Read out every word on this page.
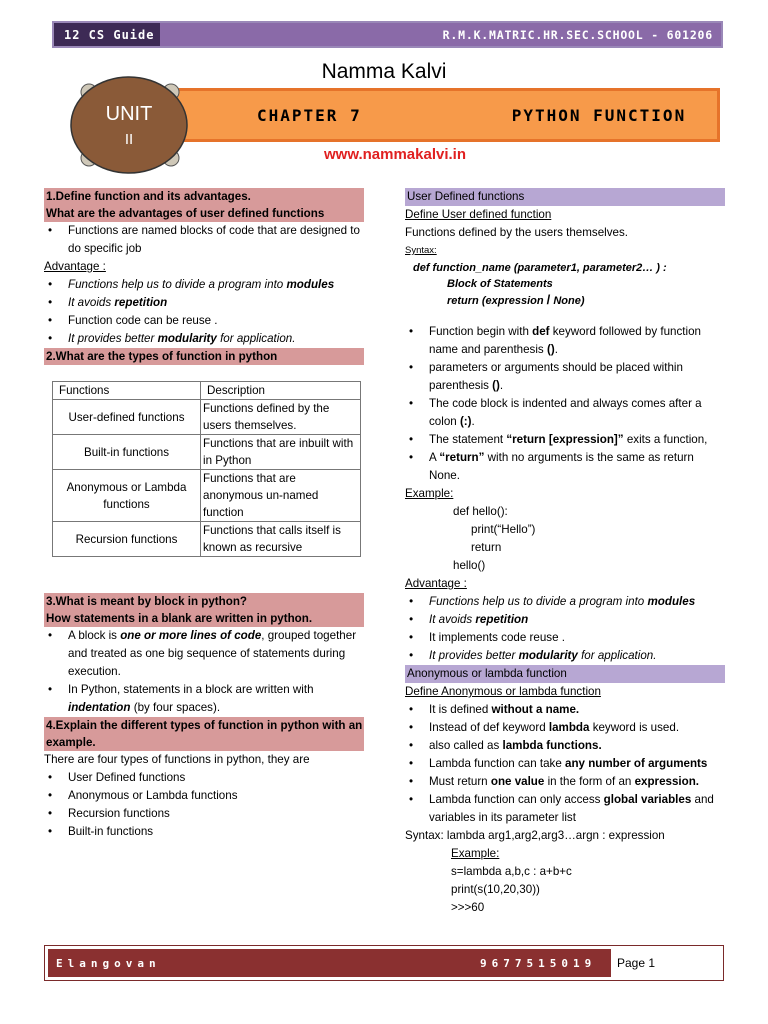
12 CS Guide	R.M.K.MATRIC.HR.SEC.SCHOOL - 601206
Namma Kalvi
CHAPTER 7	PYTHON FUNCTION
UNIT
II
www.nammakalvi.in
1.Define function and its advantages.
What are the advantages of user defined functions
• Functions are named blocks of code that are designed to do specific job
Advantage :
• Functions help us to divide a program into modules
• It avoids repetition
• Function code can be reuse .
• It provides better modularity for application.
2.What are the types of function in python
Functions	Description
User-defined functions	Functions defined by the users themselves.
Built-in functions	Functions that are inbuilt with in Python
Anonymous or Lambda functions	Functions that are anonymous un-named function
Recursion functions	Functions that calls itself is known as recursive
3.What is meant by block in python?
How statements in a blank are written in python.
• A block is one or more lines of code, grouped together and treated as one big sequence of statements during execution.
• In Python, statements in a block are written with indentation (by four spaces).
4.Explain the different types of function in python with an example.
There are four types of functions in python, they are
• User Defined functions
• Anonymous or Lambda functions
• Recursion functions
• Built-in functions
User Defined functions
Define User defined function
Functions defined by the users themselves.
Syntax:
def function_name (parameter1, parameter2… ) :
Block of Statements
return (expression / None)
• Function begin with def keyword followed by function name and parenthesis ().
• parameters or arguments should be placed within parenthesis ().
• The code block is indented and always comes after a colon (:).
• The statement “return [expression]” exits a function,
• A “return” with no arguments is the same as return None.
Example:
def hello():
print(“Hello”)
return
hello()
Advantage :
• Functions help us to divide a program into modules
• It avoids repetition
• It implements code reuse .
• It provides better modularity for application.
Anonymous or lambda function
Define Anonymous or lambda function
• It is defined without a name.
• Instead of def keyword lambda keyword is used.
• also called as lambda functions.
• Lambda function can take any number of arguments
• Must return one value in the form of an expression.
• Lambda function can only access global variables and variables in its parameter list
Syntax: lambda arg1,arg2,arg3…argn : expression
Example:
s=lambda a,b,c : a+b+c
print(s(10,20,30))
>>>60
Elangovan	9677515019	Page 1
